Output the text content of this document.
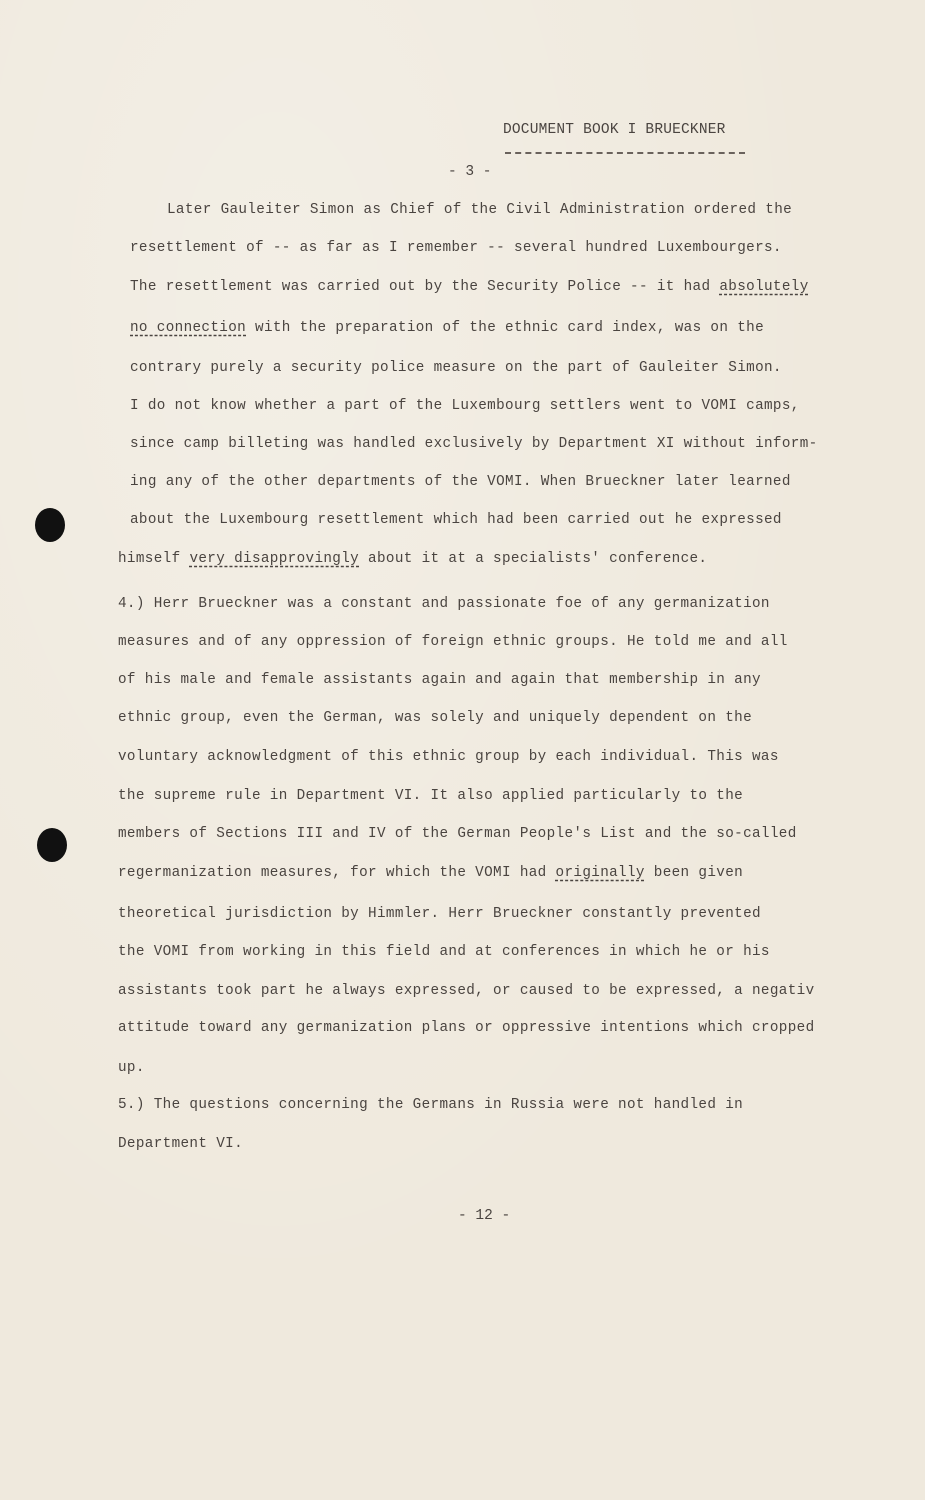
DOCUMENT BOOK I BRUECKNER
- 3 -
Later Gauleiter Simon as Chief of the Civil Administration ordered the
resettlement of -- as far as I remember -- several hundred Luxembourgers.
The resettlement was carried out by the Security Police -- it had absolutely
no connection with the preparation of the ethnic card index, was on the
contrary purely a security police measure on the part of Gauleiter Simon.
I do not know whether a part of the Luxembourg settlers went to VOMI camps,
since camp billeting was handled exclusively by Department XI without inform-
ing any of the other departments of the VOMI. When Brueckner later learned
about the Luxembourg resettlement which had been carried out he expressed
himself very disapprovingly about it at a specialists' conference.
4.) Herr Brueckner was a constant and passionate foe of any germanization
measures and of any oppression of foreign ethnic groups. He told me and all
of his male and female assistants again and again that membership in any
ethnic group, even the German, was solely and uniquely dependent on the
voluntary acknowledgment of this ethnic group by each individual. This was
the supreme rule in Department VI. It also applied particularly to the
members of Sections III and IV of the German People's List and the so-called
regermanization measures, for which the VOMI had originally been given
theoretical jurisdiction by Himmler. Herr Brueckner constantly prevented
the VOMI from working in this field and at conferences in which he or his
assistants took part he always expressed, or caused to be expressed, a negativ
attitude toward any germanization plans or oppressive intentions which cropped
up.
5.) The questions concerning the Germans in Russia were not handled in
Department VI.
- 12 -
